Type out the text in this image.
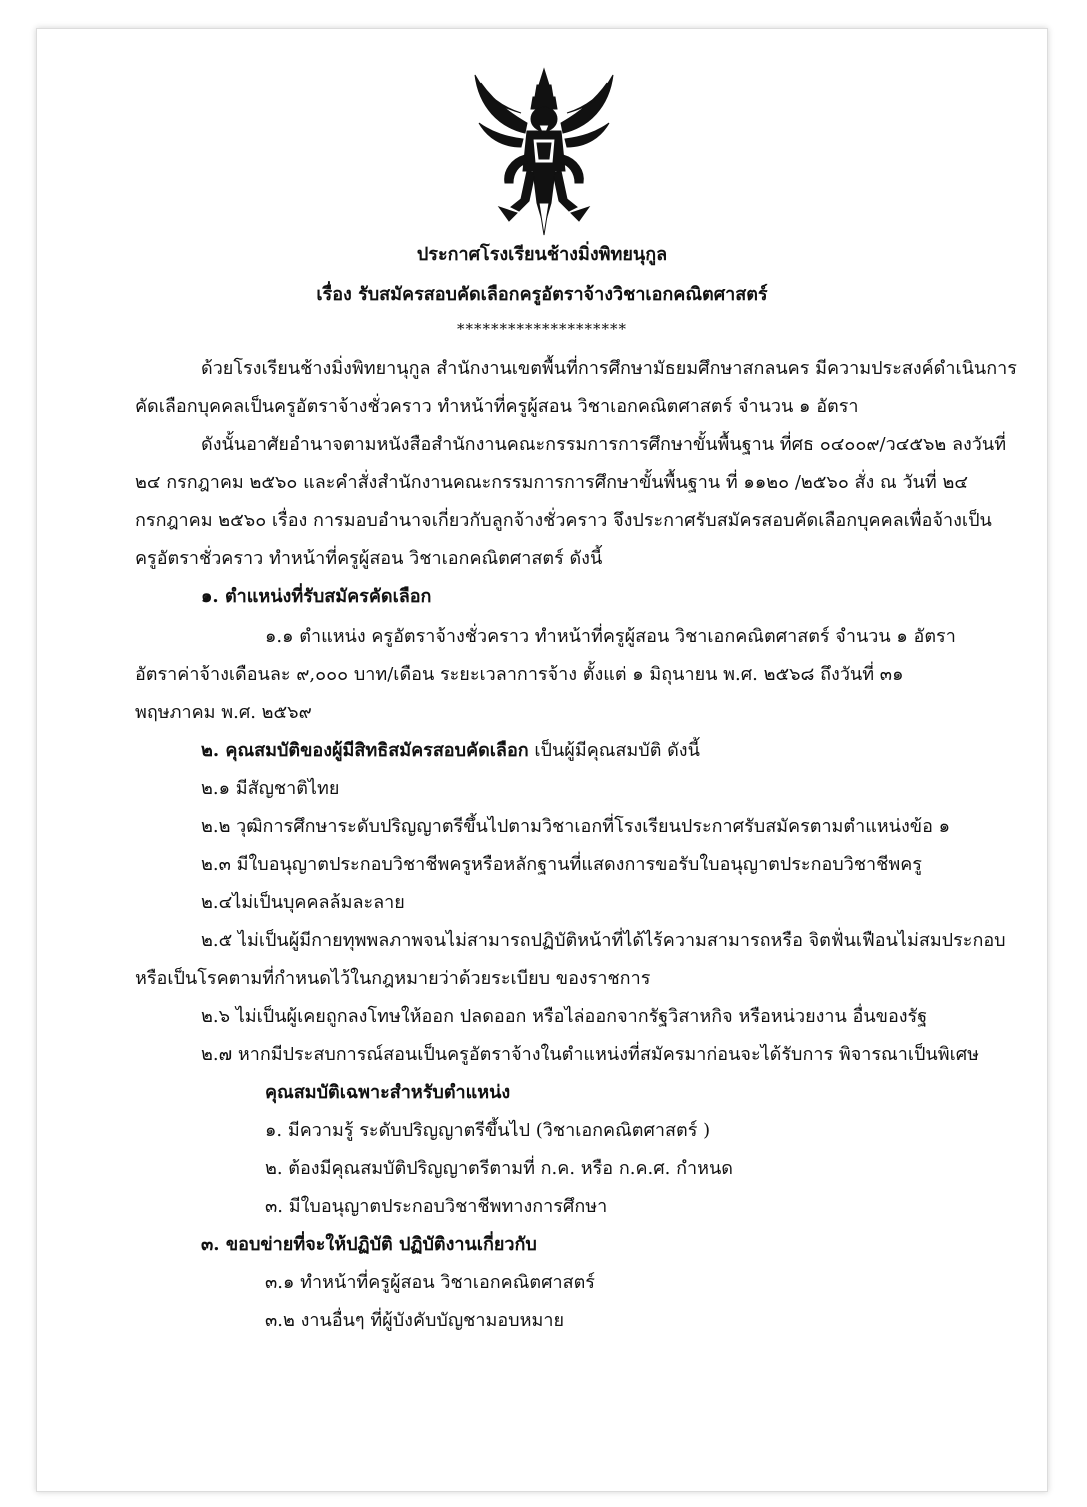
ประกาศโรงเรียนช้างมิ่งพิทยนุกูล
เรื่อง รับสมัครสอบคัดเลือกครูอัตราจ้างวิชาเอกคณิตศาสตร์
********************
ด้วยโรงเรียนช้างมิ่งพิทยานุกูล สำนักงานเขตพื้นที่การศึกษามัธยมศึกษาสกลนคร มีความประสงค์ดำเนินการ
คัดเลือกบุคคลเป็นครูอัตราจ้างชั่วคราว ทำหน้าที่ครูผู้สอน วิชาเอกคณิตศาสตร์ จำนวน ๑ อัตรา
ดังนั้นอาศัยอำนาจตามหนังสือสำนักงานคณะกรรมการการศึกษาขั้นพื้นฐาน ที่ศธ ๐๔๐๐๙/ว๔๕๖๒ ลงวันที่
๒๔ กรกฎาคม ๒๕๖๐ และคำสั่งสำนักงานคณะกรรมการการศึกษาขั้นพื้นฐาน ที่ ๑๑๒๐ /๒๕๖๐ สั่ง ณ วันที่ ๒๔
กรกฎาคม ๒๕๖๐ เรื่อง การมอบอำนาจเกี่ยวกับลูกจ้างชั่วคราว จึงประกาศรับสมัครสอบคัดเลือกบุคคลเพื่อจ้างเป็น
ครูอัตราชั่วคราว ทำหน้าที่ครูผู้สอน วิชาเอกคณิตศาสตร์ ดังนี้
๑. ตำแหน่งที่รับสมัครคัดเลือก
๑.๑ ตำแหน่ง ครูอัตราจ้างชั่วคราว ทำหน้าที่ครูผู้สอน วิชาเอกคณิตศาสตร์ จำนวน ๑ อัตรา
อัตราค่าจ้างเดือนละ ๙,๐๐๐ บาท/เดือน ระยะเวลาการจ้าง ตั้งแต่ ๑ มิถุนายน พ.ศ. ๒๕๖๘ ถึงวันที่ ๓๑
พฤษภาคม พ.ศ. ๒๕๖๙
๒. คุณสมบัติของผู้มีสิทธิสมัครสอบคัดเลือก เป็นผู้มีคุณสมบัติ ดังนี้
๒.๑ มีสัญชาติไทย
๒.๒ วุฒิการศึกษาระดับปริญญาตรีขึ้นไปตามวิชาเอกที่โรงเรียนประกาศรับสมัครตามตำแหน่งข้อ ๑
๒.๓ มีใบอนุญาตประกอบวิชาชีพครูหรือหลักฐานที่แสดงการขอรับใบอนุญาตประกอบวิชาชีพครู
๒.๔ไม่เป็นบุคคลล้มละลาย
๒.๕ ไม่เป็นผู้มีกายทุพพลภาพจนไม่สามารถปฏิบัติหน้าที่ได้ไร้ความสามารถหรือ จิตฟั่นเฟือนไม่สมประกอบ
หรือเป็นโรคตามที่กำหนดไว้ในกฎหมายว่าด้วยระเบียบ ของราชการ
๒.๖ ไม่เป็นผู้เคยถูกลงโทษให้ออก ปลดออก หรือไล่ออกจากรัฐวิสาหกิจ หรือหน่วยงาน อื่นของรัฐ
๒.๗ หากมีประสบการณ์สอนเป็นครูอัตราจ้างในตำแหน่งที่สมัครมาก่อนจะได้รับการ พิจารณาเป็นพิเศษ
คุณสมบัติเฉพาะสำหรับตำแหน่ง
๑. มีความรู้ ระดับปริญญาตรีขึ้นไป (วิชาเอกคณิตศาสตร์ )
๒. ต้องมีคุณสมบัติปริญญาตรีตามที่ ก.ค. หรือ ก.ค.ศ. กำหนด
๓. มีใบอนุญาตประกอบวิชาชีพทางการศึกษา
๓. ขอบข่ายที่จะให้ปฏิบัติ ปฏิบัติงานเกี่ยวกับ
๓.๑ ทำหน้าที่ครูผู้สอน วิชาเอกคณิตศาสตร์
๓.๒ งานอื่นๆ ที่ผู้บังคับบัญชามอบหมาย
